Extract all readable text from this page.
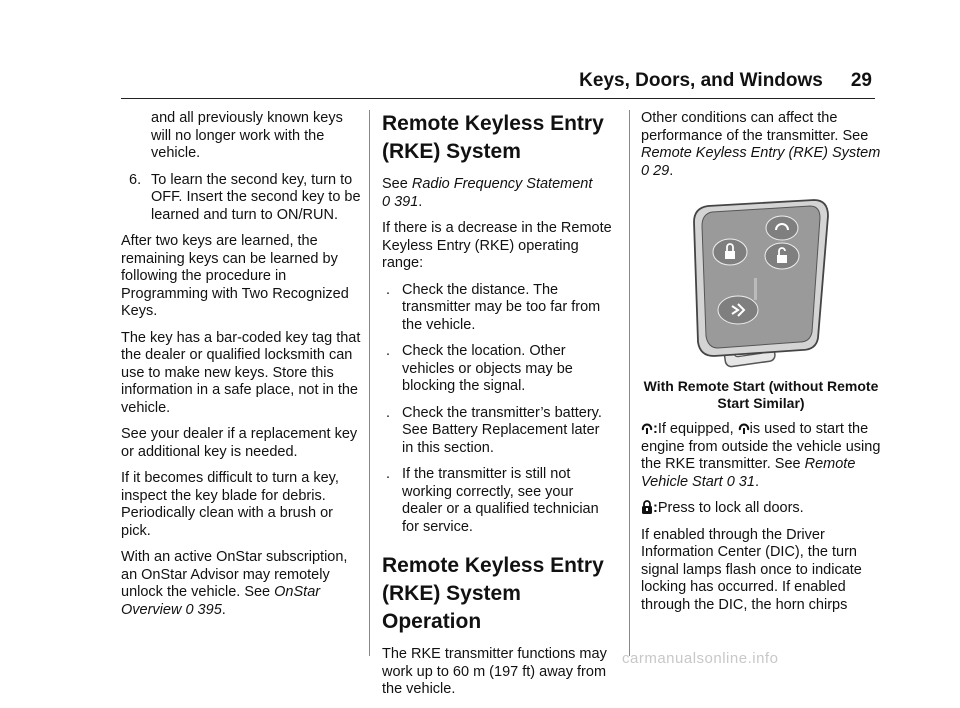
Keys, Doors, and Windows 29

and all previously known keys will no longer work with the vehicle.

6. To learn the second key, turn to OFF. Insert the second key to be learned and turn to ON/RUN.

After two keys are learned, the remaining keys can be learned by following the procedure in Programming with Two Recognized Keys.

The key has a bar-coded key tag that the dealer or qualified locksmith can use to make new keys. Store this information in a safe place, not in the vehicle.

See your dealer if a replacement key or additional key is needed.

If it becomes difficult to turn a key, inspect the key blade for debris. Periodically clean with a brush or pick.

With an active OnStar subscription, an OnStar Advisor may remotely unlock the vehicle. See OnStar Overview 0 395.

Remote Keyless Entry (RKE) System

See Radio Frequency Statement
0 391.

If there is a decrease in the Remote Keyless Entry (RKE) operating range:

. Check the distance. The transmitter may be too far from the vehicle.

. Check the location. Other vehicles or objects may be blocking the signal.

. Check the transmitter’s battery. See Battery Replacement later in this section.

. If the transmitter is still not working correctly, see your dealer or a qualified technician for service.

Remote Keyless Entry (RKE) System Operation

The RKE transmitter functions may work up to 60 m (197 ft) away from the vehicle.

Other conditions can affect the performance of the transmitter. See Remote Keyless Entry (RKE) System 0 29.

With Remote Start (without Remote Start Similar)

:If equipped, is used to start the engine from outside the vehicle using the RKE transmitter. See Remote Vehicle Start 0 31.

:Press to lock all doors.

If enabled through the Driver Information Center (DIC), the turn signal lamps flash once to indicate locking has occurred. If enabled through the DIC, the horn chirps

carmanualsonline.info
